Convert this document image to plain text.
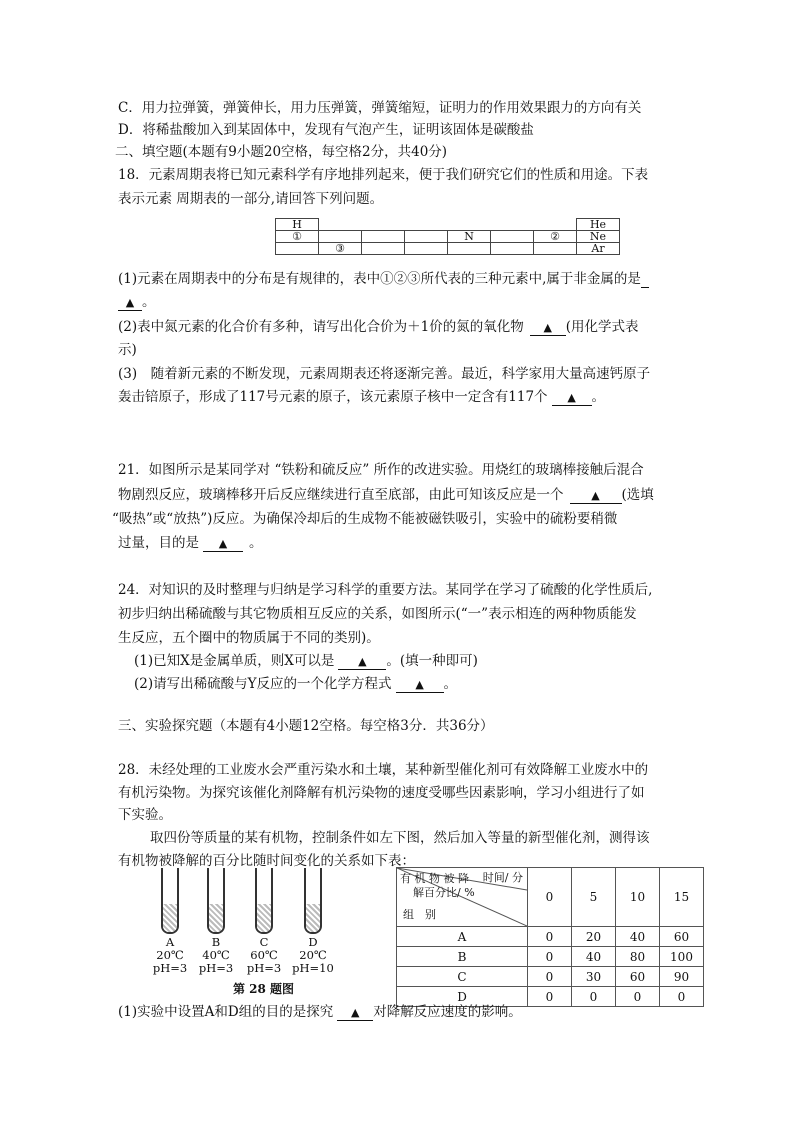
C．用力拉弹簧，弹簧伸长，用力压弹簧，弹簧缩短，证明力的作用效果跟力的方向有关
D．将稀盐酸加入到某固体中，发现有气泡产生，证明该固体是碳酸盐
二、填空题(本题有9小题20空格，每空格2分，共40分)
18．元素周期表将已知元素科学有序地排列起来，便于我们研究它们的性质和用途。下表
表示元素 周期表的一部分,请回答下列问题。
H							He
①				N		②	Ne
	③						Ar
(1)元素在周期表中的分布是有规律的，表中①②③所代表的三种元素中,属于非金属的是
▲ 。
(2)表中氮元素的化合价有多种，请写出化合价为＋1价的氮的氧化物 ▲ (用化学式表
示)
(3)　随着新元素的不断发现，元素周期表还将逐渐完善。最近，科学家用大量高速钙原子
轰击锫原子，形成了117号元素的原子，该元素原子核中一定含有117个 ▲ 。
21．如图所示是某同学对 “铁粉和硫反应” 所作的改进实验。用烧红的玻璃棒接触后混合
物剧烈反应，玻璃棒移开后反应继续进行直至底部，由此可知该反应是一个	▲ (选填
“吸热”或“放热”)反应。为确保冷却后的生成物不能被磁铁吸引，实验中的硫粉要稍微
过量，目的是 ▲ 。
24．对知识的及时整理与归纳是学习科学的重要方法。某同学在学习了硫酸的化学性质后,
初步归纳出稀硫酸与其它物质相互反应的关系，如图所示(“一”表示相连的两种物质能发
生反应，五个圈中的物质属于不同的类别)。
(1)已知X是金属单质，则X可以是 ▲ 。(填一种即可)
(2)请写出稀硫酸与Y反应的一个化学方程式 ▲ 。
三、实验探究题（本题有4小题12空格。每空格3分．共36分）
28．未经处理的工业废水会严重污染水和土壤，某种新型催化剂可有效降解工业废水中的
有机污染物。为探究该催化剂降解有机污染物的速度受哪些因素影响，学习小组进行了如
下实验。
取四份等质量的某有机物，控制条件如左下图，然后加入等量的新型催化剂，测得该
有机物被降解的百分比随时间变化的关系如下表：
A
20℃
pH=3
B
40℃
pH=3
C
60℃
pH=3
D
20℃
pH=10
第 28 题图
时间/ 分
有 机 物 被 降
解百分比/ %
组　别	0	5	10	15
A	0	20	40	60
B	0	40	80	100
C	0	30	60	90
D	0	0	0	0
(1)实验中设置A和D组的目的是探究 ▲ 对降解反应速度的影响。
